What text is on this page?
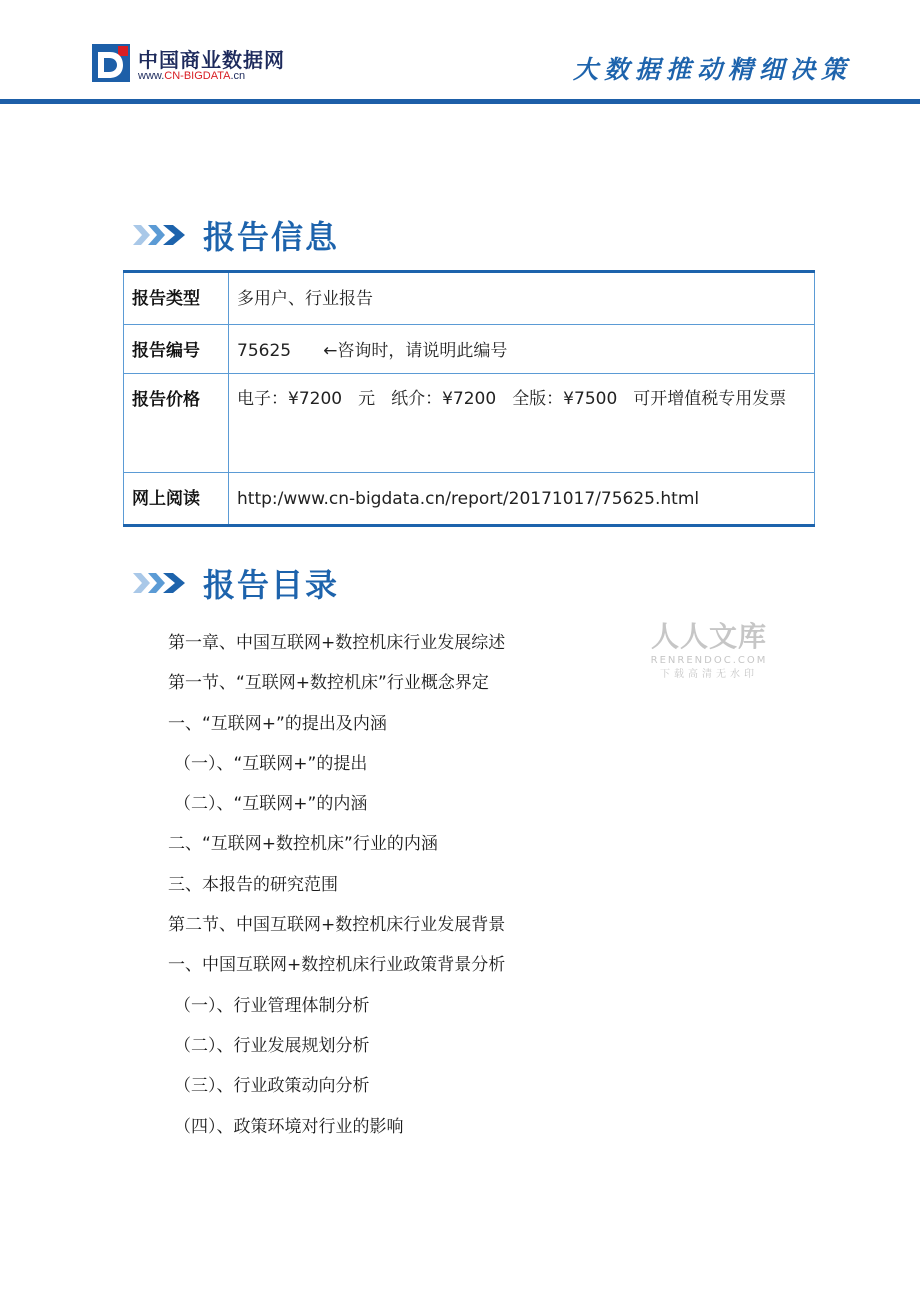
中国商业数据网
www.CN-BIGDATA.cn	大数据推动精细决策
报告信息
报告类型	多用户、行业报告
报告编号	75625 ←咨询时，请说明此编号
报告价格	电子：¥7200 元 纸介：¥7200 全版：¥7500 可开增值税专用发票
网上阅读	http:/www.cn-bigdata.cn/report/20171017/75625.html
报告目录
人人文库
RENRENDOC.COM
下载高清无水印
第一章、中国互联网+数控机床行业发展综述
第一节、“互联网+数控机床”行业概念界定
一、“互联网+”的提出及内涵
（一）、“互联网+”的提出
（二）、“互联网+”的内涵
二、“互联网+数控机床”行业的内涵
三、本报告的研究范围
第二节、中国互联网+数控机床行业发展背景
一、中国互联网+数控机床行业政策背景分析
（一）、行业管理体制分析
（二）、行业发展规划分析
（三）、行业政策动向分析
（四）、政策环境对行业的影响
